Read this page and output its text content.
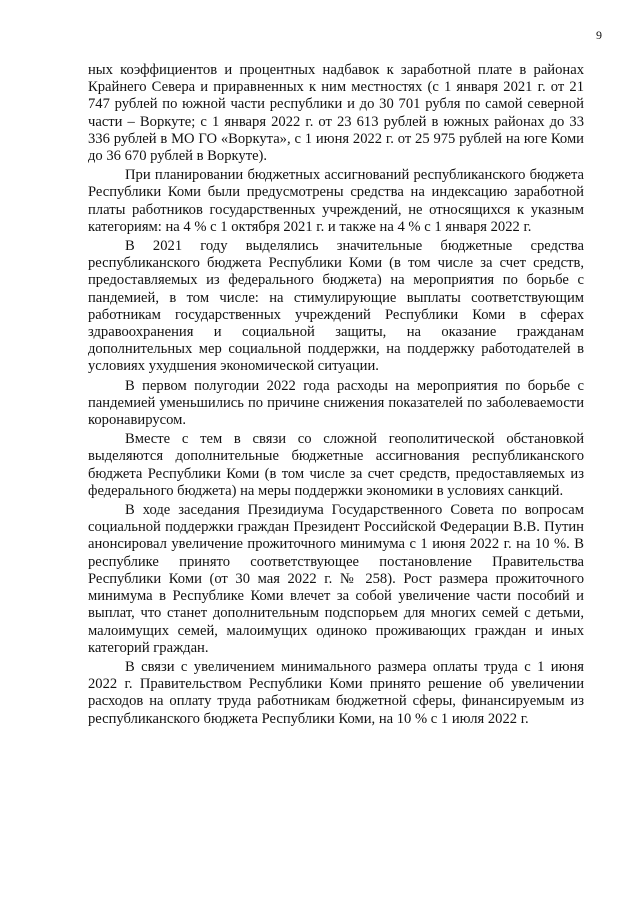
9

ных коэффициентов и процентных надбавок к заработной плате в районах Крайнего Севера и приравненных к ним местностях (с 1 января 2021 г. от 21 747 рублей по южной части республики и до 30 701 рубля по самой северной части – Воркуте; с 1 января 2022 г. от 23 613 рублей в южных районах до 33 336 рублей в МО ГО «Воркута», с 1 июня 2022 г. от 25 975 рублей на юге Коми до 36 670 рублей в Воркуте).

При планировании бюджетных ассигнований республиканского бюджета Республики Коми были предусмотрены средства на индексацию заработной платы работников государственных учреждений, не относящихся к указным категориям: на 4 % с 1 октября 2021 г. и также на 4 % с 1 января 2022 г.

В 2021 году выделялись значительные бюджетные средства республиканского бюджета Республики Коми (в том числе за счет средств, предоставляемых из федерального бюджета) на мероприятия по борьбе с пандемией, в том числе: на стимулирующие выплаты соответствующим работникам государственных учреждений Республики Коми в сферах здравоохранения и социальной защиты, на оказание гражданам дополнительных мер социальной поддержки, на поддержку работодателей в условиях ухудшения экономической ситуации.

В первом полугодии 2022 года расходы на мероприятия по борьбе с пандемией уменьшились по причине снижения показателей по заболеваемости коронавирусом.

Вместе с тем в связи со сложной геополитической обстановкой выделяются дополнительные бюджетные ассигнования республиканского бюджета Республики Коми (в том числе за счет средств, предоставляемых из федерального бюджета) на меры поддержки экономики в условиях санкций.

В ходе заседания Президиума Государственного Совета по вопросам социальной поддержки граждан Президент Российской Федерации В.В. Путин анонсировал увеличение прожиточного минимума с 1 июня 2022 г. на 10 %. В республике принято соответствующее постановление Правительства Республики Коми (от 30 мая 2022 г. № 258). Рост размера прожиточного минимума в Республике Коми влечет за собой увеличение части пособий и выплат, что станет дополнительным подспорьем для многих семей с детьми, малоимущих семей, малоимущих одиноко проживающих граждан и иных категорий граждан.

В связи с увеличением минимального размера оплаты труда с 1 июня 2022 г. Правительством Республики Коми принято решение об увеличении расходов на оплату труда работникам бюджетной сферы, финансируемым из республиканского бюджета Республики Коми, на 10 % с 1 июля 2022 г.
